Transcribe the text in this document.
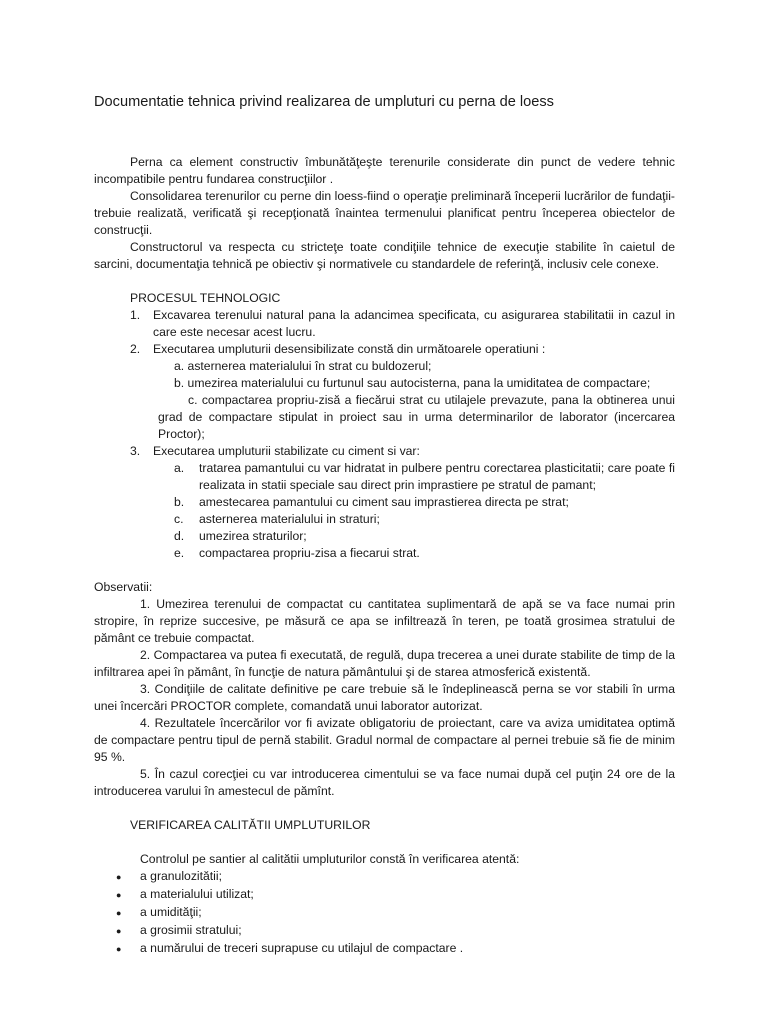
Documentatie tehnica privind realizarea de umpluturi cu perna de loess

Perna ca element constructiv îmbunătăţeşte terenurile considerate din punct de vedere tehnic incompatibile pentru fundarea construcţiilor .

Consolidarea terenurilor cu perne din loess-fiind o operaţie preliminară începerii lucrărilor de fundaţii- trebuie realizată, verificată şi recepţionată înaintea termenului planificat pentru începerea obiectelor de construcţii.

Constructorul va respecta cu stricteţe toate condiţiile tehnice de execuţie stabilite în caietul de sarcini, documentaţia tehnică pe obiectiv şi normativele cu standardele de referinţă, inclusiv cele conexe.

PROCESUL TEHNOLOGIC

1.	Excavarea terenului natural pana la adancimea specificata, cu asigurarea stabilitatii in cazul in care este necesar acest lucru.
2.	Executarea umpluturii desensibilizate constă din următoarele operatiuni :

a. asternerea materialului în strat cu buldozerul;

b. umezirea materialului cu furtunul sau autocisterna, pana la umiditatea de compactare;

c. compactarea propriu-zisă a fiecărui strat cu utilajele prevazute, pana la obtinerea unui grad de compactare stipulat in proiect sau in urma determinarilor de laborator (incercarea Proctor);

3.	Executarea umpluturii stabilizate cu ciment si var:
a.	tratarea pamantului cu var hidratat in pulbere pentru corectarea plasticitatii; care poate fi realizata in statii speciale sau direct prin imprastiere pe stratul de pamant;
b.	amestecarea pamantului cu ciment sau imprastierea directa pe strat;
c.	asternerea materialului in straturi;
d.	umezirea straturilor;
e.	compactarea propriu-zisa a fiecarui strat.

Observatii:

1. Umezirea terenului de compactat cu cantitatea suplimentară de apă se va face numai prin stropire, în reprize succesive, pe măsură ce apa se infiltrează în teren, pe toată grosimea stratului de pământ ce trebuie compactat.

2. Compactarea va putea fi executată, de regulă, dupa trecerea a unei durate stabilite de timp de la infiltrarea apei în pământ, în funcţie de natura pământului şi de starea atmosferică existentă.

3. Condiţiile de calitate definitive pe care trebuie să le îndeplinească perna se vor stabili în urma unei încercări PROCTOR complete, comandată unui laborator autorizat.

4. Rezultatele încercărilor vor fi avizate obligatoriu de proiectant, care va aviza umiditatea optimă de compactare pentru tipul de pernă stabilit. Gradul normal de compactare al pernei trebuie să fie de minim 95 %.

5. În cazul corecţiei cu var introducerea cimentului se va face numai după cel puţin 24 ore de la introducerea varului în amestecul de pămînt.

VERIFICAREA CALITĂTII UMPLUTURILOR

Controlul pe santier al calitătii umpluturilor constă în verificarea atentă:

●	a granulozitătii;
●	a materialului utilizat;
●	a umidităţii;
●	a grosimii stratului;
●	a numărului de treceri suprapuse cu utilajul de compactare .
